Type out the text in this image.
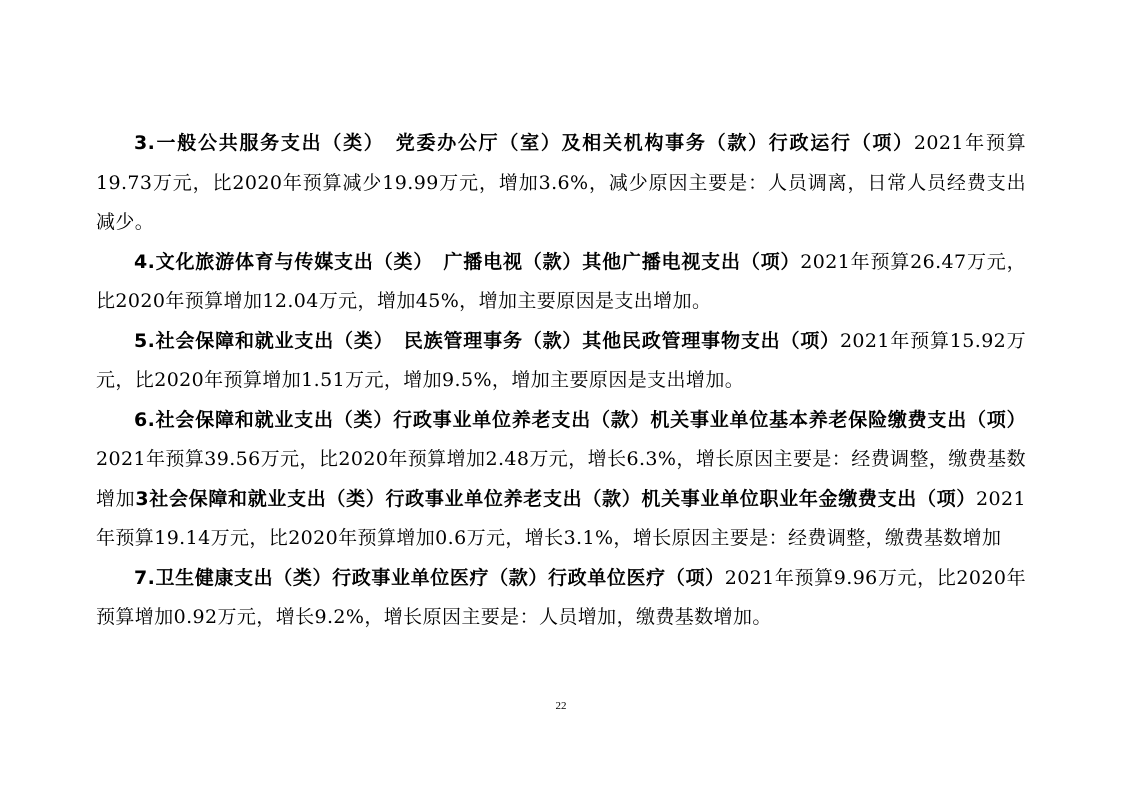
3.一般公共服务支出（类）　党委办公厅（室）及相关机构事务（款）行政运行（项）2021年预算19.73万元，比2020年预算减少19.99万元，增加3.6%，减少原因主要是：人员调离，日常人员经费支出减少。

4.文化旅游体育与传媒支出（类）　广播电视（款）其他广播电视支出（项）2021年预算26.47万元，比2020年预算增加12.04万元，增加45%，增加主要原因是支出增加。

5.社会保障和就业支出（类）　民族管理事务（款）其他民政管理事物支出（项）2021年预算15.92万元，比2020年预算增加1.51万元，增加9.5%，增加主要原因是支出增加。

6.社会保障和就业支出（类）行政事业单位养老支出（款）机关事业单位基本养老保险缴费支出（项）2021年预算39.56万元，比2020年预算增加2.48万元，增长6.3%，增长原因主要是：经费调整，缴费基数增加3社会保障和就业支出（类）行政事业单位养老支出（款）机关事业单位职业年金缴费支出（项）2021年预算19.14万元，比2020年预算增加0.6万元，增长3.1%，增长原因主要是：经费调整，缴费基数增加

7.卫生健康支出（类）行政事业单位医疗（款）行政单位医疗（项）2021年预算9.96万元，比2020年预算增加0.92万元，增长9.2%，增长原因主要是：人员增加，缴费基数增加。

22
